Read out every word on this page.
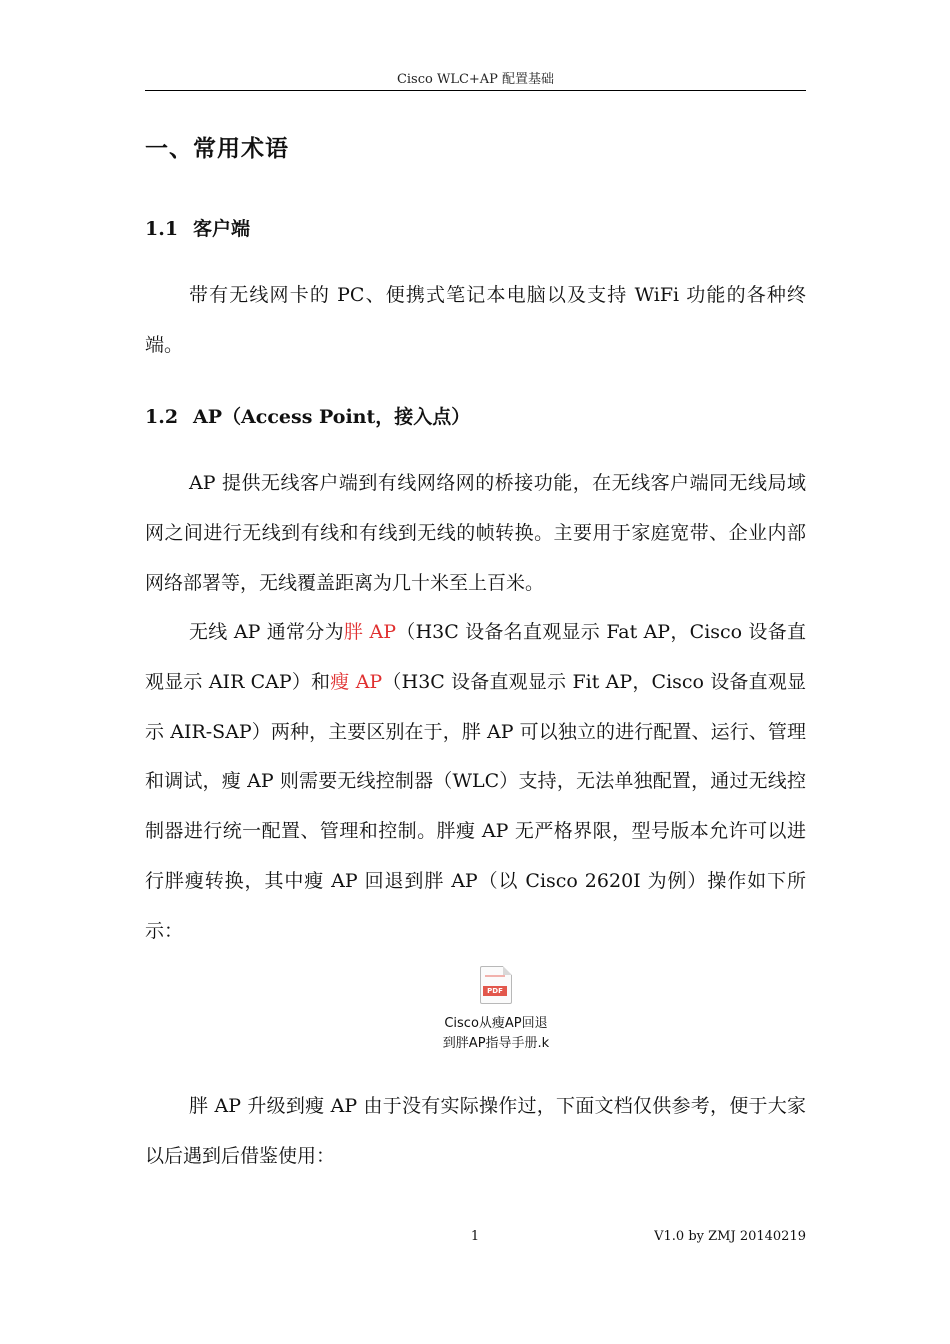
Cisco WLC+AP 配置基础
一、常用术语
1.1 客户端
带有无线网卡的 PC、便携式笔记本电脑以及支持 WiFi 功能的各种终端。
1.2 AP（Access Point，接入点）
AP 提供无线客户端到有线网络网的桥接功能，在无线客户端同无线局域网之间进行无线到有线和有线到无线的帧转换。主要用于家庭宽带、企业内部网络部署等，无线覆盖距离为几十米至上百米。
无线 AP 通常分为胖 AP（H3C 设备名直观显示 Fat AP，Cisco 设备直观显示 AIR CAP）和瘦 AP（H3C 设备直观显示 Fit AP，Cisco 设备直观显示 AIR-SAP）两种，主要区别在于，胖 AP 可以独立的进行配置、运行、管理和调试，瘦 AP 则需要无线控制器（WLC）支持，无法单独配置，通过无线控制器进行统一配置、管理和控制。胖瘦 AP 无严格界限，型号版本允许可以进行胖瘦转换，其中瘦 AP 回退到胖 AP（以 Cisco 2620I 为例）操作如下所示：
PDF
Cisco从瘦AP回退
到胖AP指导手册.k
胖 AP 升级到瘦 AP 由于没有实际操作过，下面文档仅供参考，便于大家以后遇到后借鉴使用：
1	V1.0 by ZMJ 20140219
